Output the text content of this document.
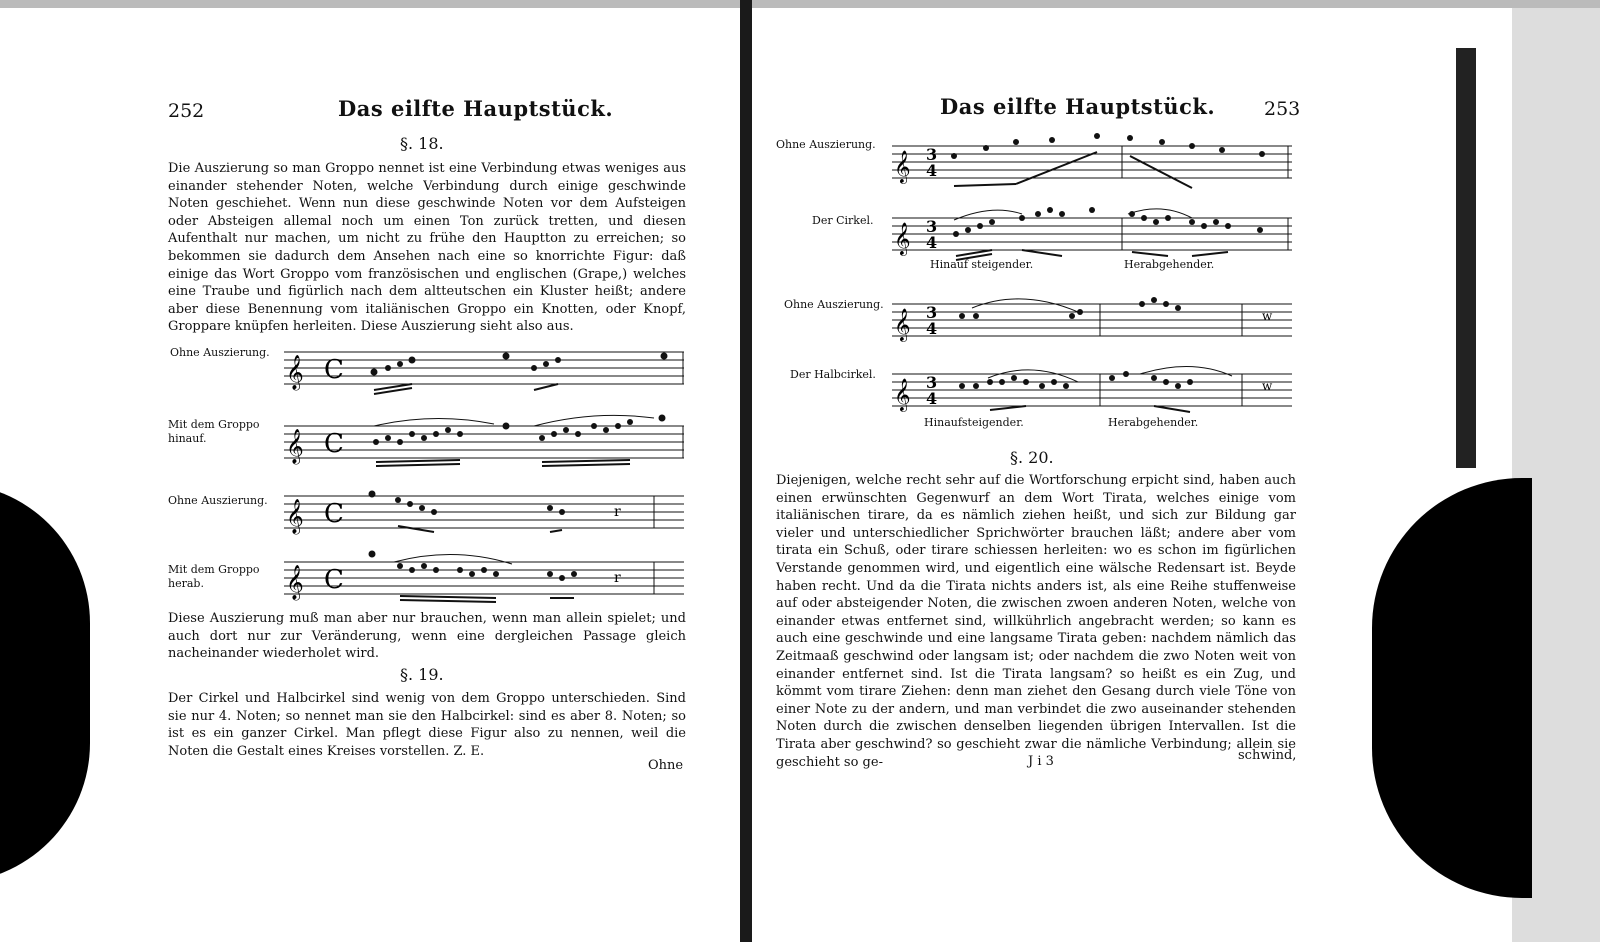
252	Das eilfte Hauptstück.
§. 18.

Die Auszierung so man Groppo nennet ist eine Verbindung etwas weniges aus einander stehender Noten, welche Verbindung durch einige geschwinde Noten geschiehet. Wenn nun diese geschwinde Noten vor dem Aufsteigen oder Absteigen allemal noch um einen Ton zurück tretten, und diesen Aufenthalt nur machen, um nicht zu frühe den Hauptton zu erreichen; so bekommen sie dadurch dem Ansehen nach eine so knorrichte Figur: daß einige das Wort Groppo vom französischen und englischen (Grape,) welches eine Traube und figürlich nach dem altteutschen ein Kluster heißt; andere aber diese Benennung vom italiänischen Groppo ein Knotten, oder Knopf, Groppare knüpfen herleiten. Diese Auszierung sieht also aus.

Ohne Auszierung.
𝄞 C
Mit dem Groppo hinauf.	𝄞 C
Ohne Auszierung. 𝄞 C	r
Mit dem Groppo herab.	𝄞 C	r

Diese Auszierung muß man aber nur brauchen, wenn man allein spielet; und auch dort nur zur Veränderung, wenn eine dergleichen Passage gleich nacheinander wiederholet wird.

§. 19.

Der Cirkel und Halbcirkel sind wenig von dem Groppo unterschieden. Sind sie nur 4. Noten; so nennet man sie den Halbcirkel: sind es aber 8. Noten; so ist es ein ganzer Cirkel. Man pflegt diese Figur also zu nennen, weil die Noten die Gestalt eines Kreises vorstellen. Z. E.

Ohne
Das eilfte Hauptstück.	253
Ohne Auszierung.
𝄞 3
4
Der Cirkel.
𝄞 3
4
Hinauf steigender.	Herabgehender.
Ohne Auszierung.
𝄞 3
4
w
Der Halbcirkel.
𝄞 3
4
w
Hinaufsteigender.	Herabgehender.
§. 20.

Diejenigen, welche recht sehr auf die Wortforschung erpicht sind, haben auch einen erwünschten Gegenwurf an dem Wort Tirata, welches einige vom italiänischen tirare, da es nämlich ziehen heißt, und sich zur Bildung gar vieler und unterschiedlicher Sprichwörter brauchen läßt; andere aber vom tirata ein Schuß, oder tirare schiessen herleiten: wo es schon im figürlichen Verstande genommen wird, und eigentlich eine wälsche Redensart ist. Beyde haben recht. Und da die Tirata nichts anders ist, als eine Reihe stuffenweise auf oder absteigender Noten, die zwischen zwoen anderen Noten, welche von einander etwas entfernet sind, willkührlich angebracht werden; so kann es auch eine geschwinde und eine langsame Tirata geben: nachdem nämlich das Zeitmaaß geschwind oder langsam ist; oder nachdem die zwo Noten weit von einander entfernet sind. Ist die Tirata langsam? so heißt es ein Zug, und kömmt vom tirare Ziehen: denn man ziehet den Gesang durch viele Töne von einer Note zu der andern, und man verbindet die zwo auseinander stehenden Noten durch die zwischen denselben liegenden übrigen Intervallen. Ist die Tirata aber geschwind? so geschieht zwar die nämliche Verbindung; allein sie geschieht so ge-	J i 3	schwind,
